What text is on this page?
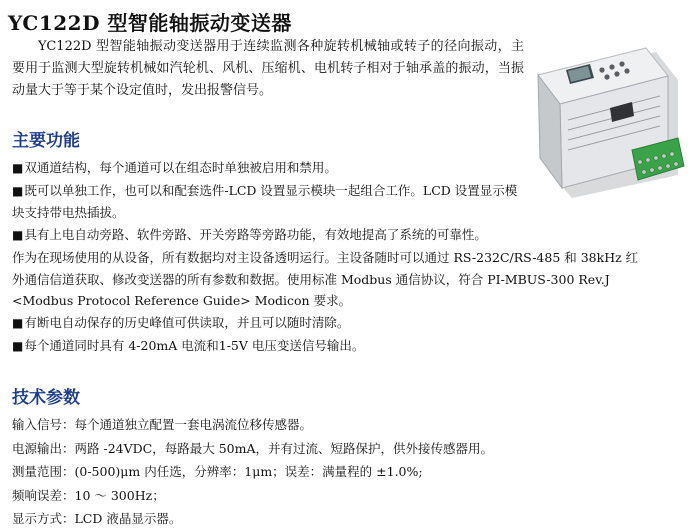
YC122D 型智能轴振动变送器

YC122D 型智能轴振动变送器用于连续监测各种旋转机械轴或转子的径向振动，主要用于监测大型旋转机械如汽轮机、风机、压缩机、电机转子相对于轴承盖的振动，当振动量大于等于某个设定值时，发出报警信号。

主要功能

■双通道结构，每个通道可以在组态时单独被启用和禁用。

■既可以单独工作，也可以和配套选件-LCD 设置显示模块一起组合工作。LCD 设置显示模块支持带电热插拔。

■具有上电自动旁路、软件旁路、开关旁路等旁路功能，有效地提高了系统的可靠性。

作为在现场使用的从设备，所有数据均对主设备透明运行。主设备随时可以通过 RS-232C/RS-485 和 38kHz 红

外通信信道获取、修改变送器的所有参数和数据。使用标准 Modbus 通信协议，符合 PI-MBUS-300 Rev.J

<Modbus Protocol Reference Guide> Modicon 要求。

■有断电自动保存的历史峰值可供读取，并且可以随时清除。

■每个通道同时具有 4-20mA 电流和1-5V 电压变送信号输出。

技术参数

输入信号：每个通道独立配置一套电涡流位移传感器。

电源输出：两路 -24VDC，每路最大 50mA，并有过流、短路保护，供外接传感器用。

测量范围：(0-500)μm 内任选，分辨率：1μm；误差：满量程的 ±1.0%;

频响误差：10 ～ 300Hz；

显示方式：LCD 液晶显示器。
